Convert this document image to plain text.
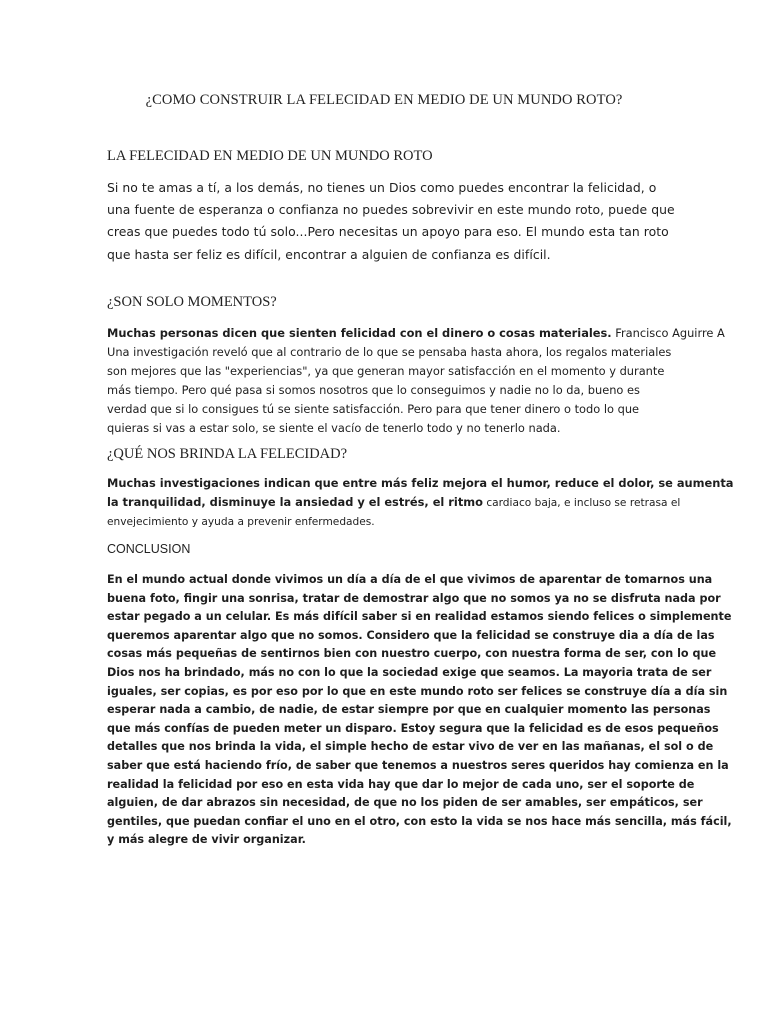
¿COMO CONSTRUIR LA FELECIDAD EN MEDIO DE UN MUNDO ROTO?
LA FELECIDAD EN MEDIO DE UN MUNDO ROTO
Si no te amas a tí, a los demás, no tienes un Dios como puedes encontrar la felicidad, o
una fuente de esperanza o confianza no puedes sobrevivir en este mundo roto, puede que
creas que puedes todo tú solo...Pero necesitas un apoyo para eso. El mundo esta tan roto
que hasta ser feliz es difícil, encontrar a alguien de confianza es difícil.
¿SON SOLO MOMENTOS?
Muchas personas dicen que sienten felicidad con el dinero o cosas materiales. Francisco Aguirre A
Una investigación reveló que al contrario de lo que se pensaba hasta ahora, los regalos materiales
son mejores que las "experiencias", ya que generan mayor satisfacción en el momento y durante
más tiempo. Pero qué pasa si somos nosotros que lo conseguimos y nadie no lo da, bueno es
verdad que si lo consigues tú se siente satisfacción. Pero para que tener dinero o todo lo que
quieras si vas a estar solo, se siente el vacío de tenerlo todo y no tenerlo nada.
¿QUÉ NOS BRINDA LA FELECIDAD?
Muchas investigaciones indican que entre más feliz mejora el humor, reduce el dolor, se aumenta
la tranquilidad, disminuye la ansiedad y el estrés, el ritmo cardiaco baja, e incluso se retrasa el
envejecimiento y ayuda a prevenir enfermedades.
CONCLUSION
En el mundo actual donde vivimos un día a día de el que vivimos de aparentar de tomarnos una
buena foto, fingir una sonrisa, tratar de demostrar algo que no somos ya no se disfruta nada por
estar pegado a un celular. Es más difícil saber si en realidad estamos siendo felices o simplemente
queremos aparentar algo que no somos. Considero que la felicidad se construye dia a día de las
cosas más pequeñas de sentirnos bien con nuestro cuerpo, con nuestra forma de ser, con lo que
Dios nos ha brindado, más no con lo que la sociedad exige que seamos. La mayoria trata de ser
iguales, ser copias, es por eso por lo que en este mundo roto ser felices se construye día a día sin
esperar nada a cambio, de nadie, de estar siempre por que en cualquier momento las personas
que más confías de pueden meter un disparo. Estoy segura que la felicidad es de esos pequeños
detalles que nos brinda la vida, el simple hecho de estar vivo de ver en las mañanas, el sol o de
saber que está haciendo frío, de saber que tenemos a nuestros seres queridos hay comienza en la
realidad la felicidad por eso en esta vida hay que dar lo mejor de cada uno, ser el soporte de
alguien, de dar abrazos sin necesidad, de que no los piden de ser amables, ser empáticos, ser
gentiles, que puedan confiar el uno en el otro, con esto la vida se nos hace más sencilla, más fácil,
y más alegre de vivir organizar.
